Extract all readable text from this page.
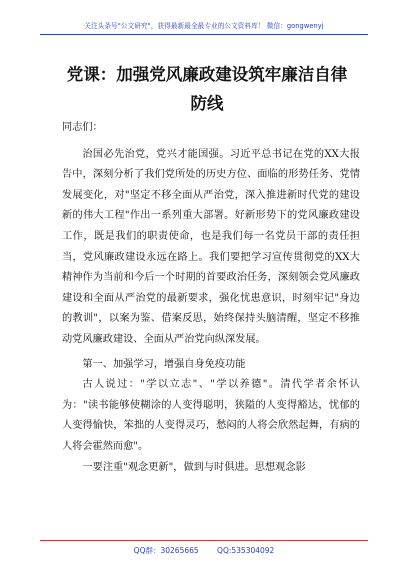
关注头条号"公文研究"，获得最新最全最专业的公文资料库！ 微信：gongwenyj
党课：加强党风廉政建设筑牢廉洁自律防线

同志们：

治国必先治党，党兴才能国强。习近平总书记在党的XX大报告中，深刻分析了我们党所处的历史方位、面临的形势任务、党情发展变化，对"坚定不移全面从严治党，深入推进新时代党的建设新的伟大工程"作出一系列重大部署。好新形势下的党风廉政建设工作，既是我们的职责使命，也是我们每一名党员干部的责任担当，党风廉政建设永远在路上。我们要把学习宣传贯彻党的XX大精神作为当前和今后一个时期的首要政治任务，深刻领会党风廉政建设和全面从严治党的最新要求，强化忧患意识，时刻牢记"身边的教训"，以案为鉴、借案反思，始终保持头脑清醒，坚定不移推动党风廉政建设、全面从严治党向纵深发展。

第一、加强学习，增强自身免疫功能

古人说过："学以立志"、"学以养德"。清代学者余怀认为："读书能够使糊涂的人变得聪明，狭隘的人变得豁达，忧郁的人变得愉快，笨拙的人变得灵巧，愁闷的人将会欣然起舞，有病的人将会霍然而愈"。

一要注重"观念更新"，做到与时俱进。思想观念影

QQ群：30265665 QQ:535304092
